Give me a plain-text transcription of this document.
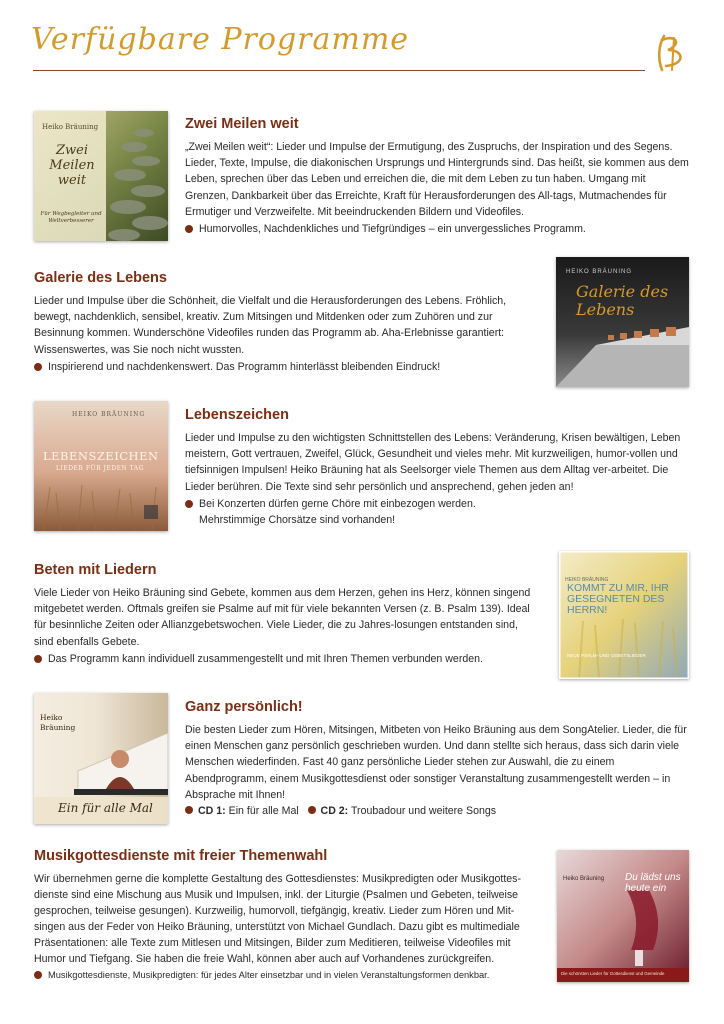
Verfügbare Programme
Heiko Bräuning
Zwei Meilen weit
Für Wegbegleiter und Weltverbesserer
Zwei Meilen weit

„Zwei Meilen weit“: Lieder und Impulse der Ermutigung, des Zuspruchs, der Inspiration und des Segens. Lieder, Texte, Impulse, die diakonischen Ursprungs und Hintergrunds sind. Das heißt, sie kommen aus dem Leben, sprechen über das Leben und erreichen die, die mit dem Leben zu tun haben. Umgang mit Grenzen, Dankbarkeit über das Erreichte, Kraft für Herausforderungen des All-tags, Mutmachendes für Ermutiger und Verzweifelte. Mit beeindruckenden Bildern und Videofiles.

Humorvolles, Nachdenkliches und Tiefgründiges – ein unvergessliches Programm.
Galerie des Lebens

Lieder und Impulse über die Schönheit, die Vielfalt und die Herausforderungen des Lebens. Fröhlich, bewegt, nachdenklich, sensibel, kreativ. Zum Mitsingen und Mitdenken oder zum Zuhören und zur Besinnung kommen. Wunderschöne Videofiles runden das Programm ab. Aha-Erlebnisse garantiert: Wissenswertes, was Sie noch nicht wussten.

Inspirierend und nachdenkenswert. Das Programm hinterlässt bleibenden Eindruck!
HEIKO BRÄUNING
Galerie des Lebens
HEIKO BRÄUNING
LEBENSZEICHEN
LIEDER FÜR JEDEN TAG
Lebenszeichen

Lieder und Impulse zu den wichtigsten Schnittstellen des Lebens: Veränderung, Krisen bewältigen, Leben meistern, Gott vertrauen, Zweifel, Glück, Gesundheit und vieles mehr. Mit kurzweiligen, humor-vollen und tiefsinnigen Impulsen! Heiko Bräuning hat als Seelsorger viele Themen aus dem Alltag ver-arbeitet. Die Lieder berühren. Die Texte sind sehr persönlich und ansprechend, gehen jeden an!

Bei Konzerten dürfen gerne Chöre mit einbezogen werden. Mehrstimmige Chorsätze sind vorhanden!
Beten mit Liedern

Viele Lieder von Heiko Bräuning sind Gebete, kommen aus dem Herzen, gehen ins Herz, können singend mitgebetet werden. Oftmals greifen sie Psalme auf mit für viele bekannten Versen (z. B. Psalm 139). Ideal für besinnliche Zeiten oder Allianzgebetswochen. Viele Lieder, die zu Jahres-losungen entstanden sind, sind ebenfalls Gebete.

Das Programm kann individuell zusammengestellt und mit Ihren Themen verbunden werden.
HEIKO BRÄUNING
KOMMT ZU MIR, IHR GESEGNETEN DES HERRN!
NEUE PSALM- UND GEBETSLIEDER
Heiko Bräuning
Ein für alle Mal
Ganz persönlich!

Die besten Lieder zum Hören, Mitsingen, Mitbeten von Heiko Bräuning aus dem SongAtelier. Lieder, die für einen Menschen ganz persönlich geschrieben wurden. Und dann stellte sich heraus, dass sich darin viele Menschen wiederfinden. Fast 40 ganz persönliche Lieder stehen zur Auswahl, die zu einem Abendprogramm, einem Musikgottesdienst oder sonstiger Veranstaltung zusammengestellt werden – in Absprache mit Ihnen!

CD 1: Ein für alle Mal CD 2: Troubadour und weitere Songs
Musikgottesdienste mit freier Themenwahl

Wir übernehmen gerne die komplette Gestaltung des Gottesdienstes: Musikpredigten oder Musikgottes-dienste sind eine Mischung aus Musik und Impulsen, inkl. der Liturgie (Psalmen und Gebeten, teilweise gesprochen, teilweise gesungen). Kurzweilig, humorvoll, tiefgängig, kreativ. Lieder zum Hören und Mit-singen aus der Feder von Heiko Bräuning, unterstützt von Michael Gundlach. Dazu gibt es multimediale Präsentationen: alle Texte zum Mitlesen und Mitsingen, Bilder zum Meditieren, teilweise Videofiles mit Humor und Tiefgang. Sie haben die freie Wahl, können aber auch auf Vorhandenes zurückgreifen.

Musikgottesdienste, Musikpredigten: für jedes Alter einsetzbar und in vielen Veranstaltungsformen denkbar.
Heiko Bräuning Du lädst uns heute ein
Die schönsten Lieder für Gottesdienst und Gemeinde
